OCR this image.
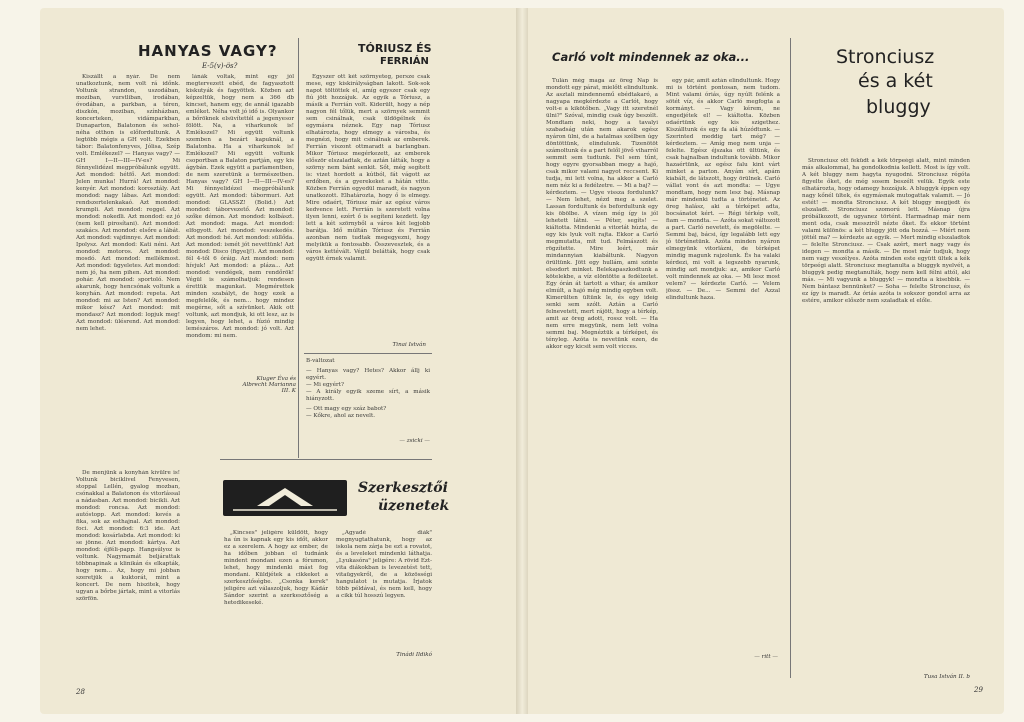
HANYAS VAGY?
E-5(v)-ös?

Kiszállt a nyár. De nem unatkoztunk, nem volt rá időnk. Voltunk strandon, uszodában, moziban, vurstliban, irodában, óvodában, a parkban, a téren, diszkón, moziban, színházban, koncerteken, vidámparkban, Dunaparton, Balatonon és sehol-néha otthon is előfordultunk. A legtöbb mégis a GH volt. Ezekben tábor: Balatonfenyves, Jólisa, Szép volt. Emlékezel? — Hanyas vagy? — GH I—II—III—IV-es? Mi fénnyelidézel megpróbálunk együtt. Azt mondod: hétfő. Azt mondod: Jelen munka! Hurrá! Azt mondod: kenyér. Azt mondod: korosztály. Azt mondod: nagy lábas. Azt mondod: rendszertelenkakaó. Azt mondod: krumpli. Azt mondod: reggel. Azt mondod: nokedli. Azt mondod: ez jó (nem kell pirosítani). Azt mondod: szakács. Azt mondod: elsőre a lábát. Azt mondod: vajdinnye. Azt mondod: Ipolysz. Azt mondod: Kati néni. Azt mondod: motoros. Azt mondod: mosdó. Azt mondod: mellékmost. Azt mondod: ügyeletes. Azt mondod: nem jó, ha nem pihen. Azt mondod: pohár. Azt mondod: sportoló. Nem akarunk, hogy hencsónak voltunk a konyhán. Azt mondod: repeta. Azt mondod: mi az Isten? Azt mondod: mikor kész? Azt mondod: mit mondasz? Azt mondod: lopjuk meg! Azt mondod: ülésrend. Azt mondod: nem lehet.

De menjünk a konyhán kívülre is! Voltunk biciklivel Fenyvesen, stoppal Lellén, gyalog mozban, csónakkal a Balatonon és vitorlással a nádasban. Azt mondod: bicikli. Azt mondod: roncsa. Azt mondod: autóstopp. Azt mondod: kevés a fika, sok az esthajnal. Azt mondod: foci. Azt mondod: 6:3 ide. Azt mondod: kosárlabda. Azt mondod: ki se jönne. Azt mondod: kártya. Azt mondod: éjféli-papp. Hangsúlyoz is voltunk. Nagymamát beljárattak többnapinak a klinikán és elkapták, hogy nem... Az, hogy mi jobban szeretjük a kuktorát, mint a koncert. De nem hiszitek, hogy ugyan a bőrbe jártak, mint a vitorlás szörfön.

lánák voltak, mint egy jól megtervezett ebéd, de fagyasztott kiskutyák és fagyöttek. Közben azt képzeltük, hogy nem a 366 db kincset, hanem egy, de annál igazabb emléket. Néha volt jó idő is. Olyankor a bőröknek elsüvítettél a jegenyesor fölött. Na, a viharkunok is! Emlékszel? Mi együtt voltunk szemben a bezárt kapuknál, a Balatonba. Ha a viharkunok is! Emlékszel? Mi együtt voltunk csoportban a Balaton partján, egy kis ágybán. Ezek együtt a parlamentben, de nem szeretünk a természetben. Hanyas vagy? GH I—II—III—IV-es? Mi fénnyelidézel megpróbálunk együtt. Azt mondod: tábormuri. Azt mondod: GLASSZ! (Bolid.) Azt mondod: táborvezető. Azt mondod: szőke démon. Azt mondod: kolbászt. Azt mondod: maga. Azt mondod: elfogyott. Azt mondod: veszekedés. Azt mondod: hé. Azt mondod: süllőda. Azt mondod: ismét jót nevettünk! Azt mondod: Disco (figyelj!). Azt mondod: fél 4-től 6 óráig. Azt mondod: nem hívjuk! Azt mondod: a pláza... Azt mondod: vendégek, nem rendőrök! Végül is számolhatjuk: rendesen érettük magunkat. Megmérettek minden szabályt, de hogy ezek a megfelelők, és nem... hogy mindez megérne, sőt a szívünket. Akik ott voltunk, azt mondjuk, ki ott lesz, az is legyen, hogy lehet, a fúzió mindig lemészáros. Azt mondod: jó volt. Azt mondom: mi nem.

Kluger Éva és Albrecht Marianna III. K
TÓRIUSZ ÉS
FERRIÁN

Egyszer ott két szörnyeteg, persze csak mese, egy kiskirályságban lakott. Sok-sok napot töltöttek el, amíg egyszer csak egy fiú jött hozzájuk. Az egyik a Tóriusz, a másik a Ferrián volt. Kiderült, hogy a nép nagyon fél tőlük, mert a szörnyek semmit sem csinálnak, csak üldögélnek és egymásra néznek. Egy nap Tóriusz elhatározta, hogy elmegy a városba, és megnézi, hogy mit csinálnak az emberek. Ferrián viszont ottmaradt a barlangban. Mikor Tóriusz megérkezett, az emberek először elszaladtak, de aztán látták, hogy a szörny nem bánt senkit. Sőt, még segített is: vizet hordott a kútból, fát vágott az erdőben, és a gyerekeket a hátán vitte. Közben Ferrián egyedül maradt, és nagyon unatkozott. Elhatározta, hogy ő is elmegy. Mire odaért, Tóriusz már az egész város kedvence lett. Ferrián is szeretett volna ilyen lenni, ezért ő is segíteni kezdett. Így lett a két szörnyből a város két legjobb barátja. Idő múltán Tóriusz és Ferrián azonban nem tudtak megegyezni, hogy melyikük a fontosabb. Összevesztek, és a város kettévált. Végül belátták, hogy csak együtt érnek valamit.

Tinai István
B-változat
— Hanyas vagy? Hetes? Akkor állj ki egyért.
— Mi egyért?
— A király egyik szeme sírt, a másik hiányzott.
— Ott magy egy száz babot?
— Kőkre, ahol az nevelt.
— zsicki —
Szerkesztői
üzenetek

„Kincses" jeligére küldött, hogy ha ún is kapnak egy kis időt, akkor ez a szerelem. A hogy az ember, de ha időben jobban el tudnánk mindent mondani ezen a fórumon, lehet, hogy mindenki mást fog mondani. Küldjétek a cikkeket a szerkesztőségbe. „Csonka kerek" jeligére azt válaszoljuk, hogy Kádár Sándor szerint a szerkesztőség a hetedikeseké.

„Agyadé diák" megnyugtathatunk, hogy az iskola nem zárja be ezt a rovatot, és a leveleket mindenki láthatja. „Lyukasóra" jeligére: A rövid Ezt-vita diákokban is levezetést tett, vitaügyekről, de a közösségi hangulatot is mutatja. Írjatok több példával, és nem kell, hogy a cikk túl hosszú legyen.

Tinádi Ildikó
28
Carló volt mindennek az oka...

Tulán még maga az öreg Nap is mondott egy párat, mielőtt elindultunk. Az asztali mindennemű ebédtakaró, a nagyapa megkérdezte a Carlót, hogy volt-e a kikötőben. „Vagy itt szeretnél ülni?" Szóval, mindig csak úgy beszélt. Mondtam neki, hogy a tavalyi szabadság után nem akarok egész nyáron ülni, de a hatalmas szélben úgy döntöttünk, elindulunk. Tizenötöt számoltunk és a part felől jövő viharról semmit sem tudtunk. Fel sem tűnt, hogy egyre gyorsabban megy a hajó, csak mikor valami nagyot reccsent. Ki tudja, mi lett volna, ha akkor a Carló nem néz ki a fedélzetre. — Mi a baj? — kérdeztem. — Ugye vissza fordulunk? — Nem lehet, nézd meg a szelet. Lassan fordultunk és befordultunk egy kis öbölbe. A vízen még így is jól lehetett látni. — Péter, segíts! — kiáltotta. Mindenki a vitorlát húzta, de egy kis lyuk volt rajta. Ekkor a Carló megmutatta, mit tud. Felmászott és rögzítette. Mire leért, már mindannyian kiabáltunk. Nagyon örültünk. Jött egy hullám, ami szinte elsodort minket. Belekapaszkodtunk a kötelekbe, a víz elöntötte a fedélzetet. Egy órán át tartott a vihar, és amikor elmúlt, a hajó még mindig egyben volt. Kimerülten ültünk le, és egy ideig senki sem szólt. Aztán a Carló felnevetett, mert rájött, hogy a térkép, amit az öreg adott, rossz volt. — Ha nem erre megyünk, nem lett volna semmi baj. Megnéztük a térképet, és tényleg. Azóta is nevetünk ezen, de akkor egy kicsit sem volt vicces.

egy pár, amit aztán elindultunk. Hogy mi is történt pontosan, nem tudom. Mint valami óriás, úgy nyúlt felénk a sötét víz, és akkor Carló megfogta a kormányt. — Vagy kérem, ne engedjétek el! — kiáltotta. Közben odaértünk egy kis szigethez. Kiszálltunk és egy fa alá húzódtunk. — Szerinted meddig tart még? — kérdeztem. — Amíg meg nem unja — felelte. Egész éjszaka ott ültünk, és csak hajnalban indultunk tovább. Mikor hazaértünk, az egész falu kint várt minket a parton. Anyám sírt, apám kiabált, de látszott, hogy örülnek. Carló vállat vont és azt mondta: — Ugye mondtam, hogy nem lesz baj. Másnap már mindenki tudta a történetet. Az öreg halász, aki a térképet adta, bocsánatot kért. — Régi térkép volt, fiam — mondta. — Azóta sokat változott a part. Carló nevetett, és megölelte. — Semmi baj, bácsi, így legalább lett egy jó történetünk. Azóta minden nyáron elmegyünk vitorlázni, de térképet mindig magunk rajzolunk. És ha valaki kérdezi, mi volt a legszebb nyarunk, mindig azt mondjuk: az, amikor Carló volt mindennek az oka. — Mi lesz most velem? — kérdezte Carló. — Velem jössz. — De... — Semmi de! Azzal elindultunk haza.

— ritt —
Stronciusz
és a két
bluggy

Stronciusz ott feküdt a kék törpeégi alatt, mint minden más alkalommal, ha gondolkodnia kellett. Most is így volt. A két bluggy nem hagyta nyugodni. Stronciusz régóta figyelte őket, de még sosem beszélt velük. Egyik este elhatározta, hogy odamegy hozzájuk. A bluggyk éppen egy nagy kőnél ültek, és egymásnak mutogattak valamit. — Jó estét! — mondta Stronciusz. A két bluggy megijedt és elszaladt. Stronciusz szomorú lett. Másnap újra próbálkozott, de ugyanez történt. Harmadnap már nem ment oda, csak messziről nézte őket. És ekkor történt valami különös: a két bluggy jött oda hozzá. — Miért nem jöttél ma? — kérdezte az egyik. — Mert mindig elszaladtok — felelte Stronciusz. — Csak azért, mert nagy vagy és idegen — mondta a másik. — De most már tudjuk, hogy nem vagy veszélyes. Azóta minden este együtt ültek a kék törpeégi alatt. Stronciusz megtanulta a bluggyk nyelvét, a bluggyk pedig megtanulták, hogy nem kell félni attól, aki más. — Mi vagyunk a bluggyk! — mondta a kisebbik. — Nem bántasz bennünket? — Soha — felelte Stronciusz, és ez így is maradt. Az óriás azóta is sokszor gondol arra az estére, amikor először nem szaladtak el előle.

Tusa István II. b
29
